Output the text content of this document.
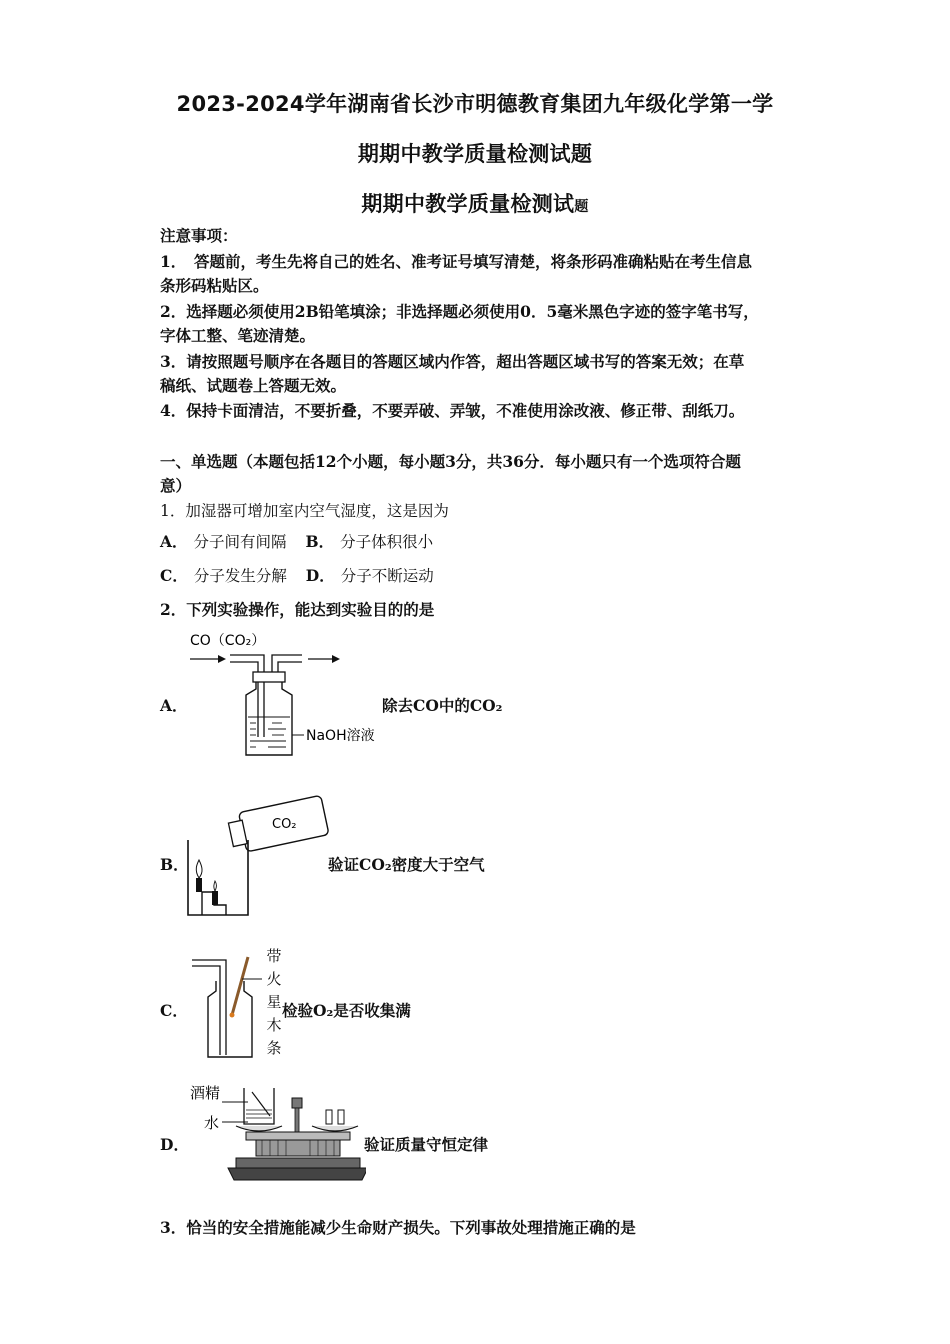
2023-2024学年湖南省长沙市明德教育集团九年级化学第一学
期期中教学质量检测试题
期期中教学质量检测试题
注意事项：
1．　答题前，考生先将自己的姓名、准考证号填写清楚，将条形码准确粘贴在考生信息
条形码粘贴区。
2．选择题必须使用2B铅笔填涂；非选择题必须使用0．5毫米黑色字迹的签字笔书写，
字体工整、笔迹清楚。
3．请按照题号顺序在各题目的答题区域内作答，超出答题区域书写的答案无效；在草
稿纸、试题卷上答题无效。
4．保持卡面清洁，不要折叠，不要弄破、弄皱，不准使用涂改液、修正带、刮纸刀。
一、单选题（本题包括12个小题，每小题3分，共36分．每小题只有一个选项符合题
意）
1．加湿器可增加室内空气湿度，这是因为
A． 分子间有间隔 B． 分子体积很小
C． 分子发生分解 D． 分子不断运动
2．下列实验操作，能达到实验目的的是
A．
CO（CO₂）
NaOH溶液
除去CO中的CO₂
B．
CO₂
验证CO₂密度大于空气
C．
带
火
星
木
条
检验O₂是否收集满
D．
酒精
水
验证质量守恒定律
3．恰当的安全措施能减少生命财产损失。下列事故处理措施正确的是
